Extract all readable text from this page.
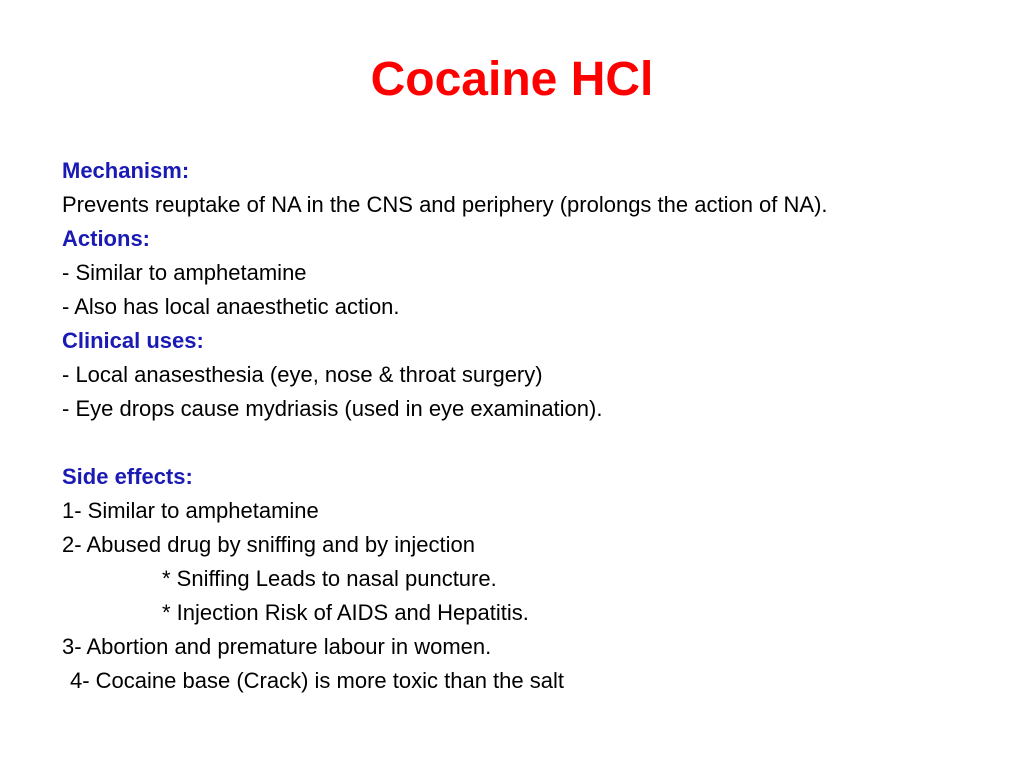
Cocaine HCl
Mechanism:
Prevents reuptake of NA in the CNS and periphery (prolongs the action of NA).
Actions:
- Similar to amphetamine
- Also has local anaesthetic action.
Clinical uses:
- Local anasesthesia (eye, nose & throat surgery)
- Eye drops cause mydriasis (used in eye examination).
Side effects:
1- Similar to amphetamine
2- Abused drug by sniffing and by injection
* Sniffing Leads to nasal puncture.
* Injection Risk of AIDS and Hepatitis.
3- Abortion and premature labour in women.
4- Cocaine base (Crack) is more toxic than the salt
